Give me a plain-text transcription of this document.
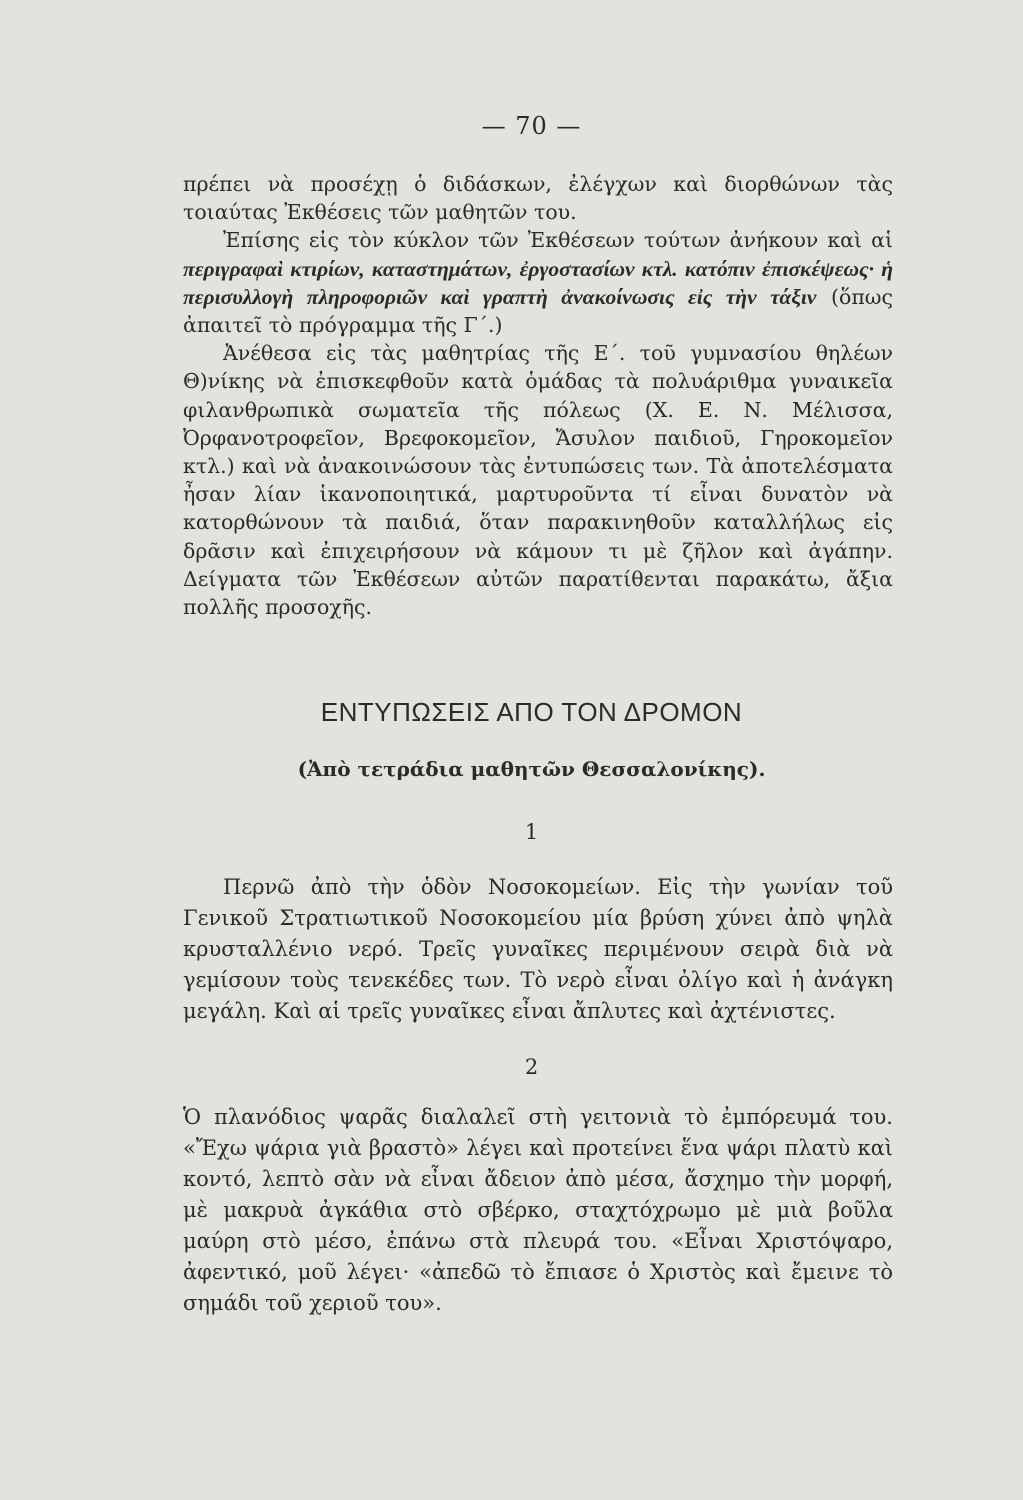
— 70 —

πρέπει νὰ προσέχῃ ὁ διδάσκων, ἐλέγχων καὶ διορθώνων τὰς τοιαύτας Ἐκθέσεις τῶν μαθητῶν του.

Ἐπίσης εἰς τὸν κύκλον τῶν Ἐκθέσεων τούτων ἀνήκουν καὶ αἱ περιγραφαὶ κτιρίων, καταστημάτων, ἐργοστασίων κτλ. κατόπιν ἐπισκέψεως· ἡ περισυλλογὴ πληροφοριῶν καὶ γραπτὴ ἀνακοίνωσις εἰς τὴν τάξιν (ὅπως ἀπαιτεῖ τὸ πρόγραμμα τῆς Γ΄.)

Ἀνέθεσα εἰς τὰς μαθητρίας τῆς Ε΄. τοῦ γυμνασίου θηλέων Θ)νίκης νὰ ἐπισκεφθοῦν κατὰ ὁμάδας τὰ πολυάριθμα γυναικεῖα φιλανθρωπικὰ σωματεῖα τῆς πόλεως (Χ. Ε. Ν. Μέλισσα, Ὀρφανοτροφεῖον, Βρεφοκομεῖον, Ἄσυλον παιδιοῦ, Γηροκομεῖον κτλ.) καὶ νὰ ἀνακοινώσουν τὰς ἐντυπώσεις των. Τὰ ἀποτελέσματα ἦσαν λίαν ἱκανοποιητικά, μαρτυροῦντα τί εἶναι δυνατὸν νὰ κατορθώνουν τὰ παιδιά, ὅταν παρακινηθοῦν καταλλήλως εἰς δρᾶσιν καὶ ἐπιχειρήσουν νὰ κάμουν τι μὲ ζῆλον καὶ ἀγάπην. Δείγματα τῶν Ἐκθέσεων αὐτῶν παρατίθενται παρακάτω, ἄξια πολλῆς προσοχῆς.

ΕΝΤΥΠΩΣΕΙΣ ΑΠΟ ΤΟΝ ΔΡΟΜΟΝ
(Ἀπὸ τετράδια μαθητῶν Θεσσαλονίκης).
1

Περνῶ ἀπὸ τὴν ὁδὸν Νοσοκομείων. Εἰς τὴν γωνίαν τοῦ Γενικοῦ Στρατιωτικοῦ Νοσοκομείου μία βρύση χύνει ἀπὸ ψηλὰ κρυσταλλένιο νερό. Τρεῖς γυναῖκες περιμένουν σειρὰ διὰ νὰ γεμίσουν τοὺς τενεκέδες των. Τὸ νερὸ εἶναι ὀλίγο καὶ ἡ ἀνάγκη μεγάλη. Καὶ αἱ τρεῖς γυναῖκες εἶναι ἄπλυτες καὶ ἀχτένιστες.

2

Ὁ πλανόδιος ψαρᾶς διαλαλεῖ στὴ γειτονιὰ τὸ ἐμπόρευμά του. «Ἔχω ψάρια γιὰ βραστὸ» λέγει καὶ προτείνει ἕνα ψάρι πλατὺ καὶ κοντό, λεπτὸ σὰν νὰ εἶναι ἄδειον ἀπὸ μέσα, ἄσχημο τὴν μορφή, μὲ μακρυὰ ἀγκάθια στὸ σβέρκο, σταχτόχρωμο μὲ μιὰ βοῦλα μαύρη στὸ μέσο, ἐπάνω στὰ πλευρά του. «Εἶναι Χριστόψαρο, ἀφεντικό, μοῦ λέγει· «ἀπεδῶ τὸ ἔπιασε ὁ Χριστὸς καὶ ἔμεινε τὸ σημάδι τοῦ χεριοῦ του».
